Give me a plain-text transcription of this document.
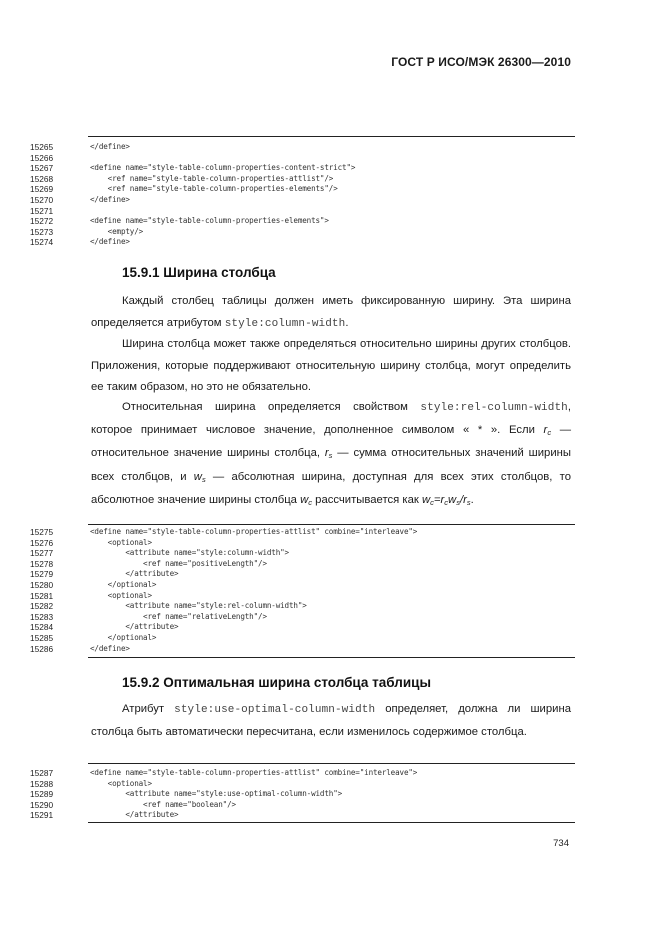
ГОСТ Р ИСО/МЭК 26300—2010
15265	</define>
15266
15267	<define name="style-table-column-properties-content-strict">
15268	<ref name="style-table-column-properties-attlist"/>
15269	<ref name="style-table-column-properties-elements"/>
15270	</define>
15271
15272	<define name="style-table-column-properties-elements">
15273	<empty/>
15274	</define>
15.9.1 Ширина столбца
Каждый столбец таблицы должен иметь фиксированную ширину. Эта ширина определяется атрибутом style:column-width.
Ширина столбца может также определяться относительно ширины других столбцов. Приложения, которые поддерживают относительную ширину столбца, могут определить ее таким образом, но это не обязательно.
Относительная ширина определяется свойством style:rel-column-width, которое принимает числовое значение, дополненное символом « * ». Если $r_c$ — относительное значение ширины столбца, $r_s$ — сумма относительных значений ширины всех столбцов, и $w_s$ — абсолютная ширина, доступная для всех этих столбцов, то абсолютное значение ширины столбца $w_c$ рассчитывается как $w_c=r_cw_s/r_s$.
15275	<define name="style-table-column-properties-attlist" combine="interleave">
15276	<optional>
15277	<attribute name="style:column-width">
15278	<ref name="positiveLength"/>
15279	</attribute>
15280	</optional>
15281	<optional>
15282	<attribute name="style:rel-column-width">
15283	<ref name="relativeLength"/>
15284	</attribute>
15285	</optional>
15286	</define>
15.9.2 Оптимальная ширина столбца таблицы
Атрибут style:use-optimal-column-width определяет, должна ли ширина столбца быть автоматически пересчитана, если изменилось содержимое столбца.
15287	<define name="style-table-column-properties-attlist" combine="interleave">
15288	<optional>
15289	<attribute name="style:use-optimal-column-width">
15290	<ref name="boolean"/>
15291	</attribute>
734
